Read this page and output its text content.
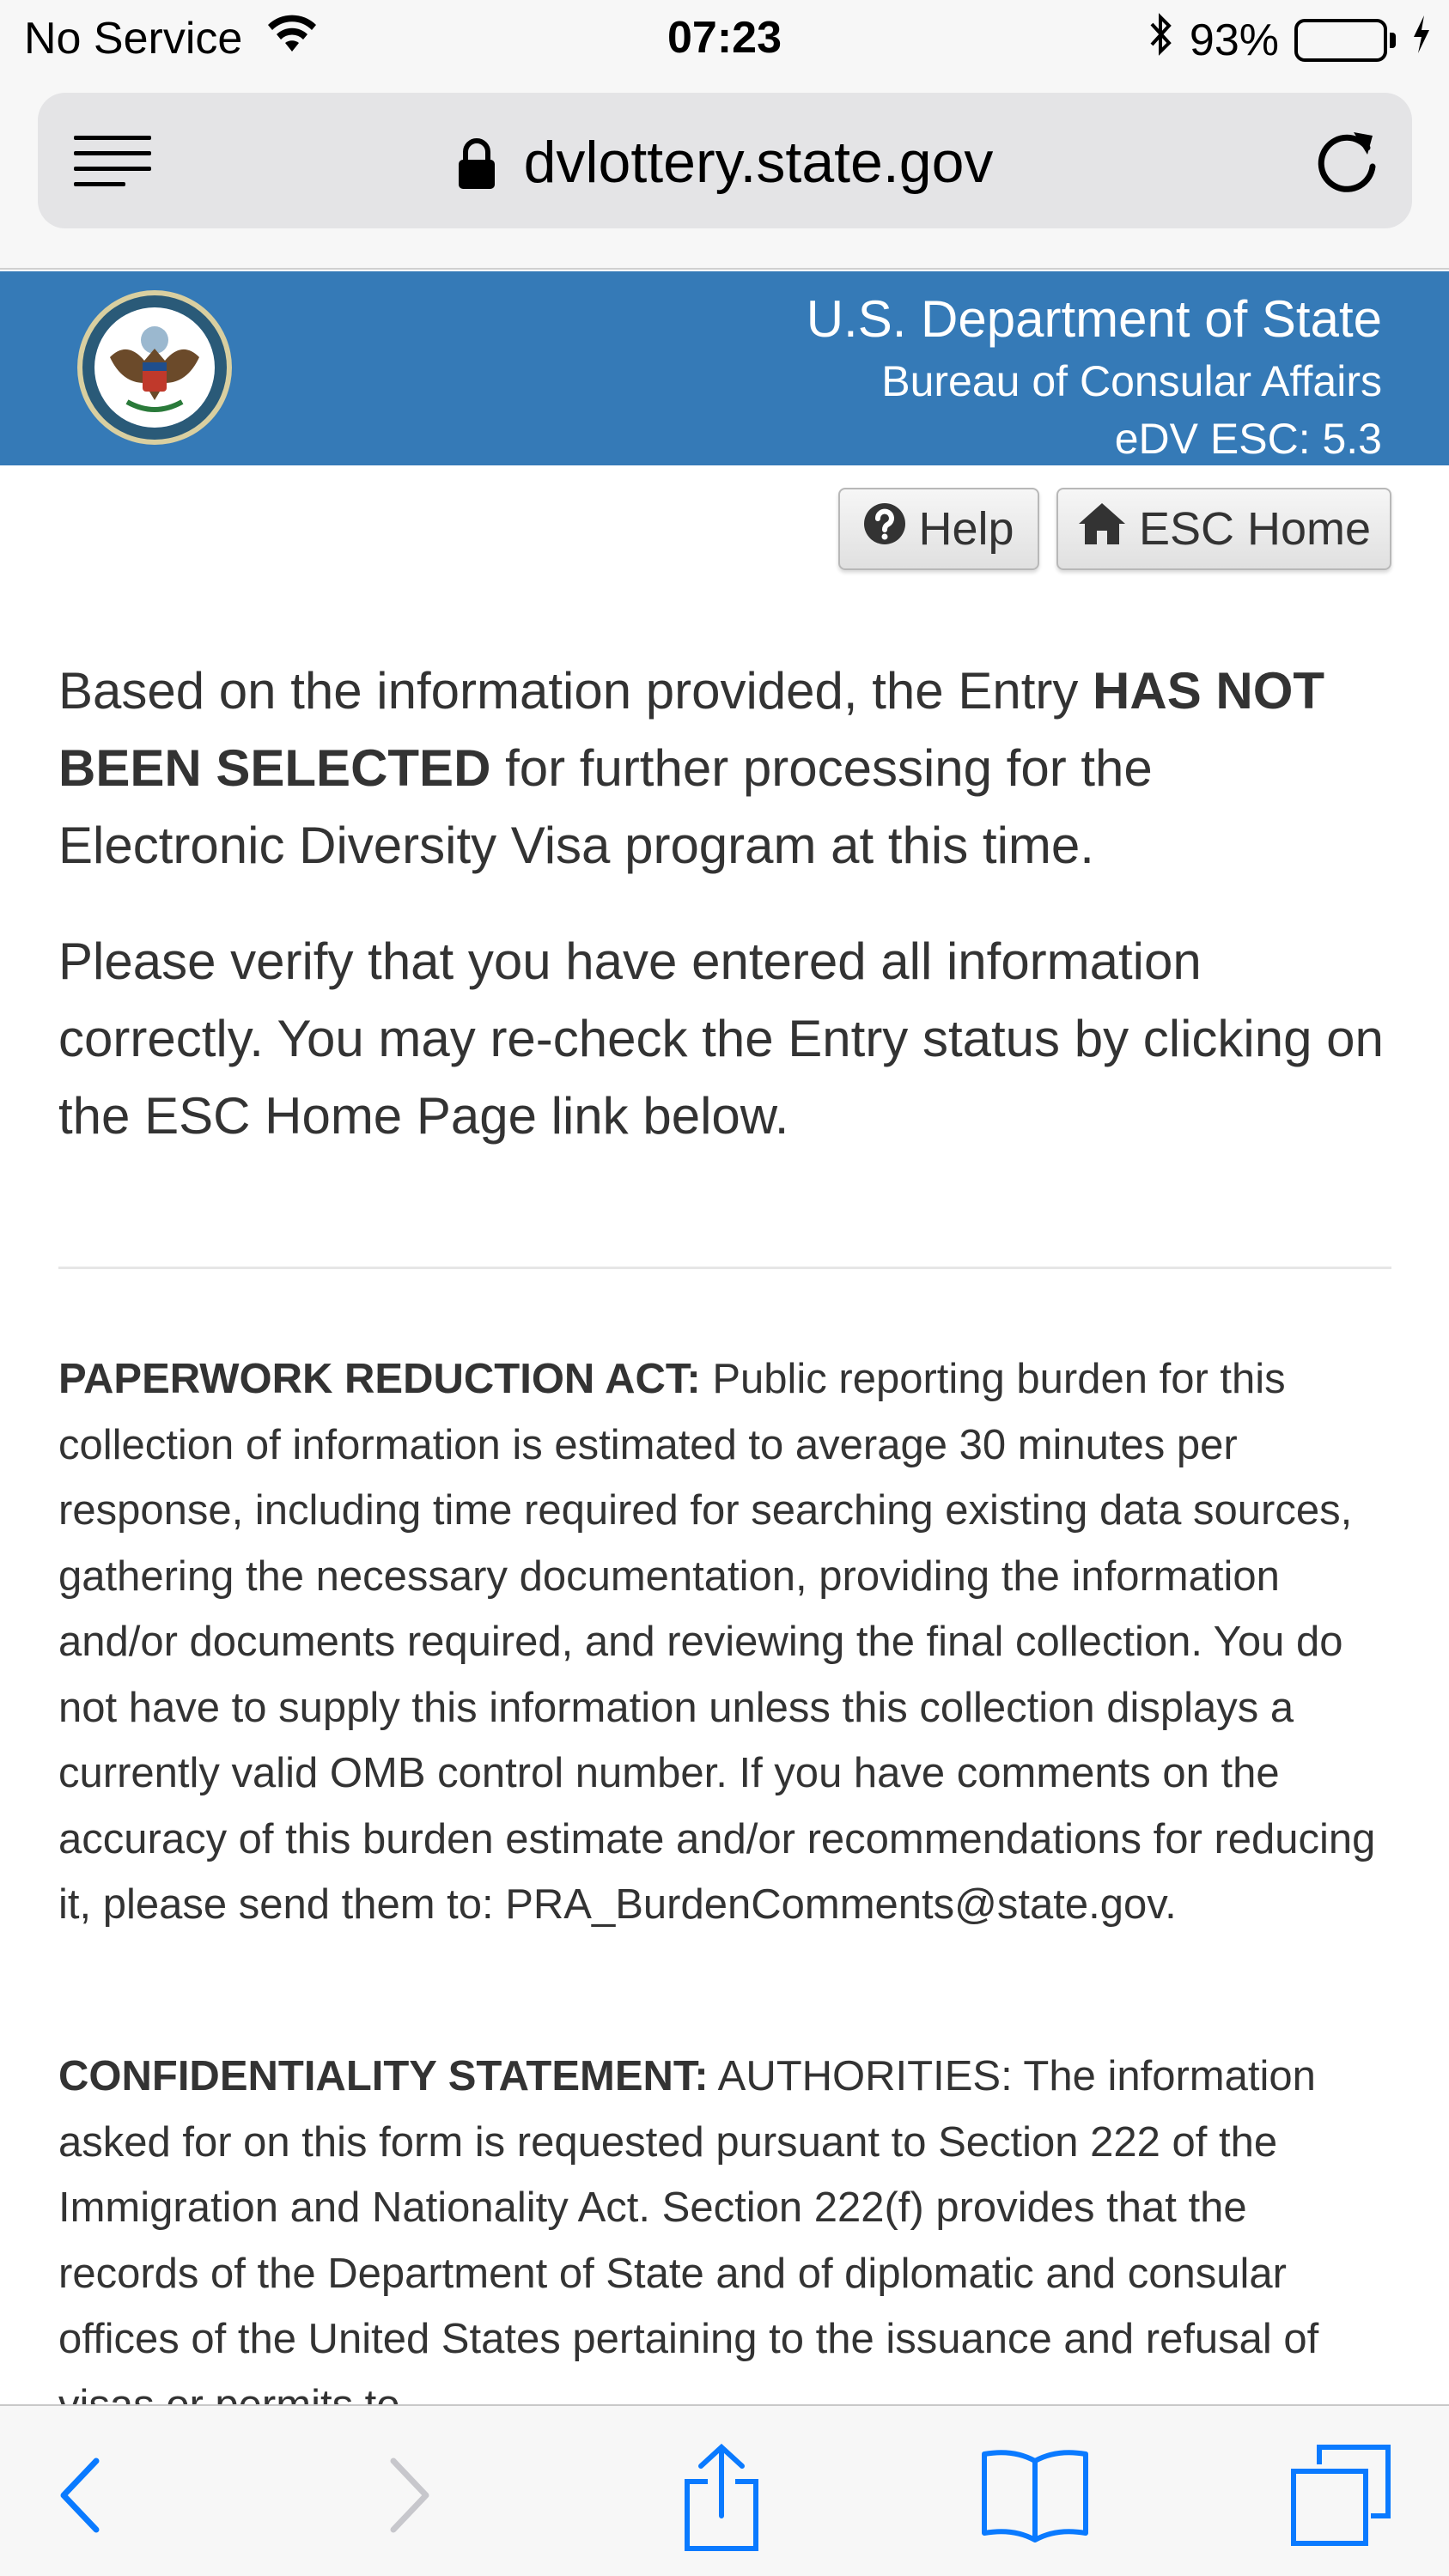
No Service	07:23	93%
dvlottery.state.gov
U.S. Department of State
Bureau of Consular Affairs
eDV ESC: 5.3
Help	ESC Home

Based on the information provided, the Entry HAS NOT BEEN SELECTED for further processing for the Electronic Diversity Visa program at this time.

Please verify that you have entered all information correctly. You may re-check the Entry status by clicking on the ESC Home Page link below.

PAPERWORK REDUCTION ACT: Public reporting burden for this collection of information is estimated to average 30 minutes per response, including time required for searching existing data sources, gathering the necessary documentation, providing the information and/or documents required, and reviewing the final collection. You do not have to supply this information unless this collection displays a currently valid OMB control number. If you have comments on the accuracy of this burden estimate and/or recommendations for reducing it, please send them to: PRA_BurdenComments@state.gov.

CONFIDENTIALITY STATEMENT: AUTHORITIES: The information asked for on this form is requested pursuant to Section 222 of the Immigration and Nationality Act. Section 222(f) provides that the records of the Department of State and of diplomatic and consular offices of the United States pertaining to the issuance and refusal of
